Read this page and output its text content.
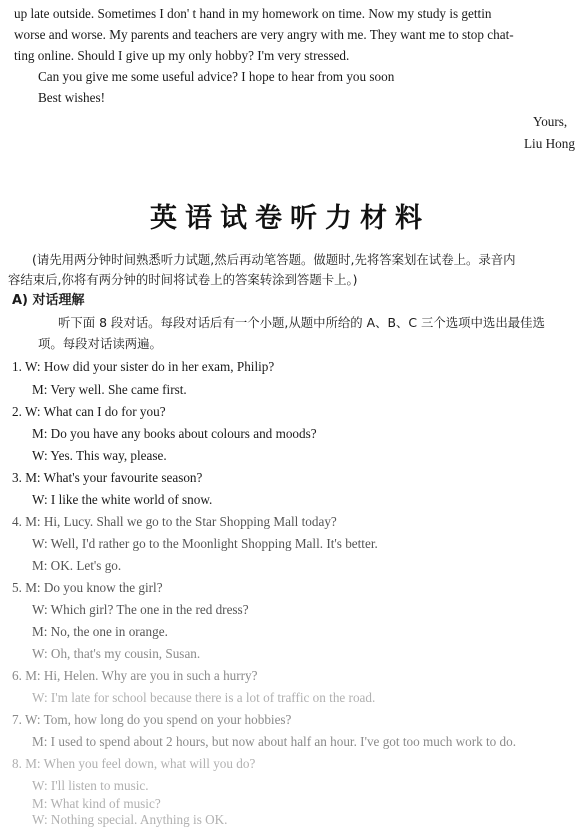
up late outside. Sometimes I don' t hand in my homework on time. Now my study is gettin
worse and worse. My parents and teachers are very angry with me. They want me to stop chat-
ting online. Should I give up my only hobby? I'm very stressed.
Can you give me some useful advice? I hope to hear from you soon
Best wishes!
Yours,
Liu Hong
英语试卷听力材料
(请先用两分钟时间熟悉听力试题,然后再动笔答题。做题时,先将答案划在试卷上。录音内
容结束后,你将有两分钟的时间将试卷上的答案转涂到答题卡上。)
A) 对话理解
听下面 8 段对话。每段对话后有一个小题,从题中所给的 A、B、C 三个选项中选出最佳选
项。每段对话读两遍。
1. W: How did your sister do in her exam, Philip?
M: Very well. She came first.
2. W: What can I do for you?
M: Do you have any books about colours and moods?
W: Yes. This way, please.
3. M: What's your favourite season?
W: I like the white world of snow.
4. M: Hi, Lucy. Shall we go to the Star Shopping Mall today?
W: Well, I'd rather go to the Moonlight Shopping Mall. It's better.
M: OK. Let's go.
5. M: Do you know the girl?
W: Which girl? The one in the red dress?
M: No, the one in orange.
W: Oh, that's my cousin, Susan.
6. M: Hi, Helen. Why are you in such a hurry?
W: I'm late for school because there is a lot of traffic on the road.
7. W: Tom, how long do you spend on your hobbies?
M: I used to spend about 2 hours, but now about half an hour. I've got too much work to do.
8. M: When you feel down, what will you do?
W: I'll listen to music.
M: What kind of music?
W: Nothing special. Anything is OK.
